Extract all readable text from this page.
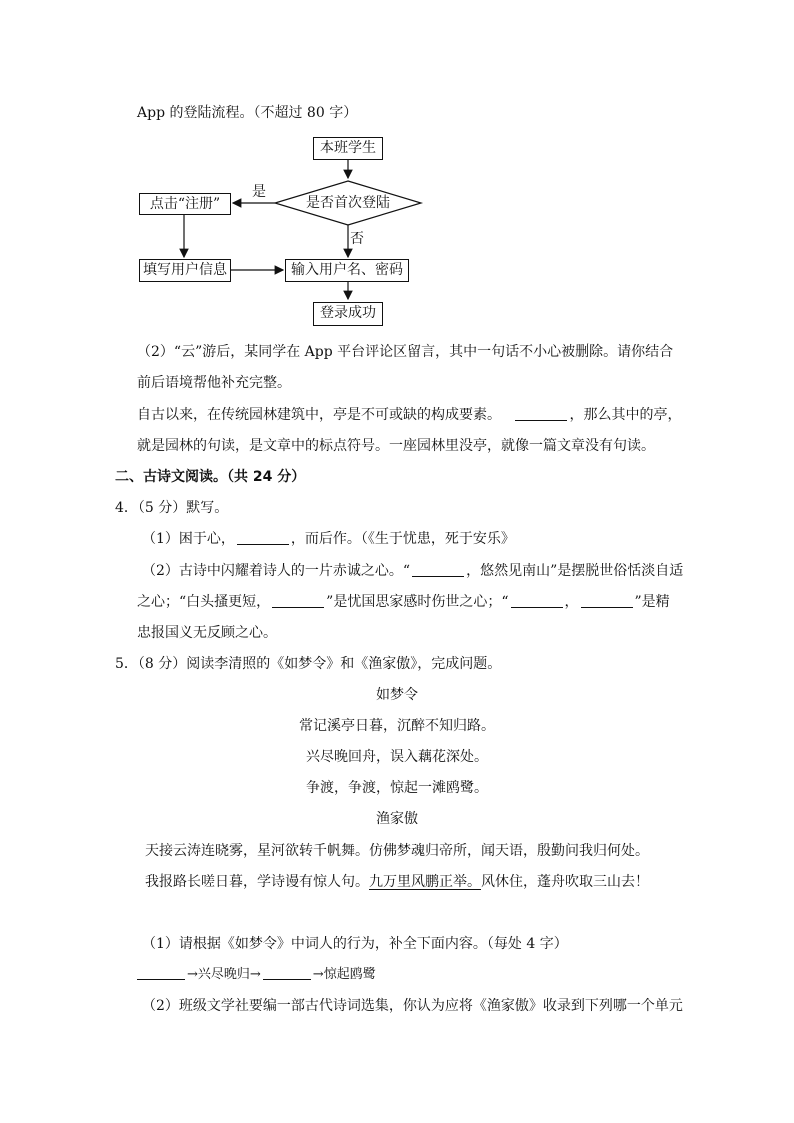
App 的登陆流程。（不超过 80 字）
本班学生
是否首次登陆
是
否
点击“注册”
填写用户信息	输入用户名、密码
登录成功
（2）“云”游后，某同学在 App 平台评论区留言，其中一句话不小心被删除。请你结合
前后语境帮他补充完整。
自古以来，在传统园林建筑中，亭是不可或缺的构成要素。	，那么其中的亭，
就是园林的句读，是文章中的标点符号。一座园林里没亭，就像一篇文章没有句读。
二、古诗文阅读。（共 24 分）
4．（5 分）默写。
（1）困于心，	，而后作。（《生于忧患，死于安乐》
（2）古诗中闪耀着诗人的一片赤诚之心。“	，悠然见南山”是摆脱世俗恬淡自适
之心；“白头搔更短，	”是忧国思家感时伤世之心；“	，	”是精
忠报国义无反顾之心。
5．（8 分）阅读李清照的《如梦令》和《渔家傲》，完成问题。
如梦令
常记溪亭日暮，沉醉不知归路。
兴尽晚回舟，误入藕花深处。
争渡，争渡，惊起一滩鸥鹭。
渔家傲
天接云涛连晓雾，星河欲转千帆舞。仿佛梦魂归帝所，闻天语，殷勤问我归何处。
我报路长嗟日暮，学诗谩有惊人句。九万里风鹏正举。风休住，蓬舟吹取三山去！
（1）请根据《如梦令》中词人的行为，补全下面内容。（每处 4 字）
→兴尽晚归→	→惊起鸥鹭
（2）班级文学社要编一部古代诗词选集，你认为应将《渔家傲》收录到下列哪一个单元
